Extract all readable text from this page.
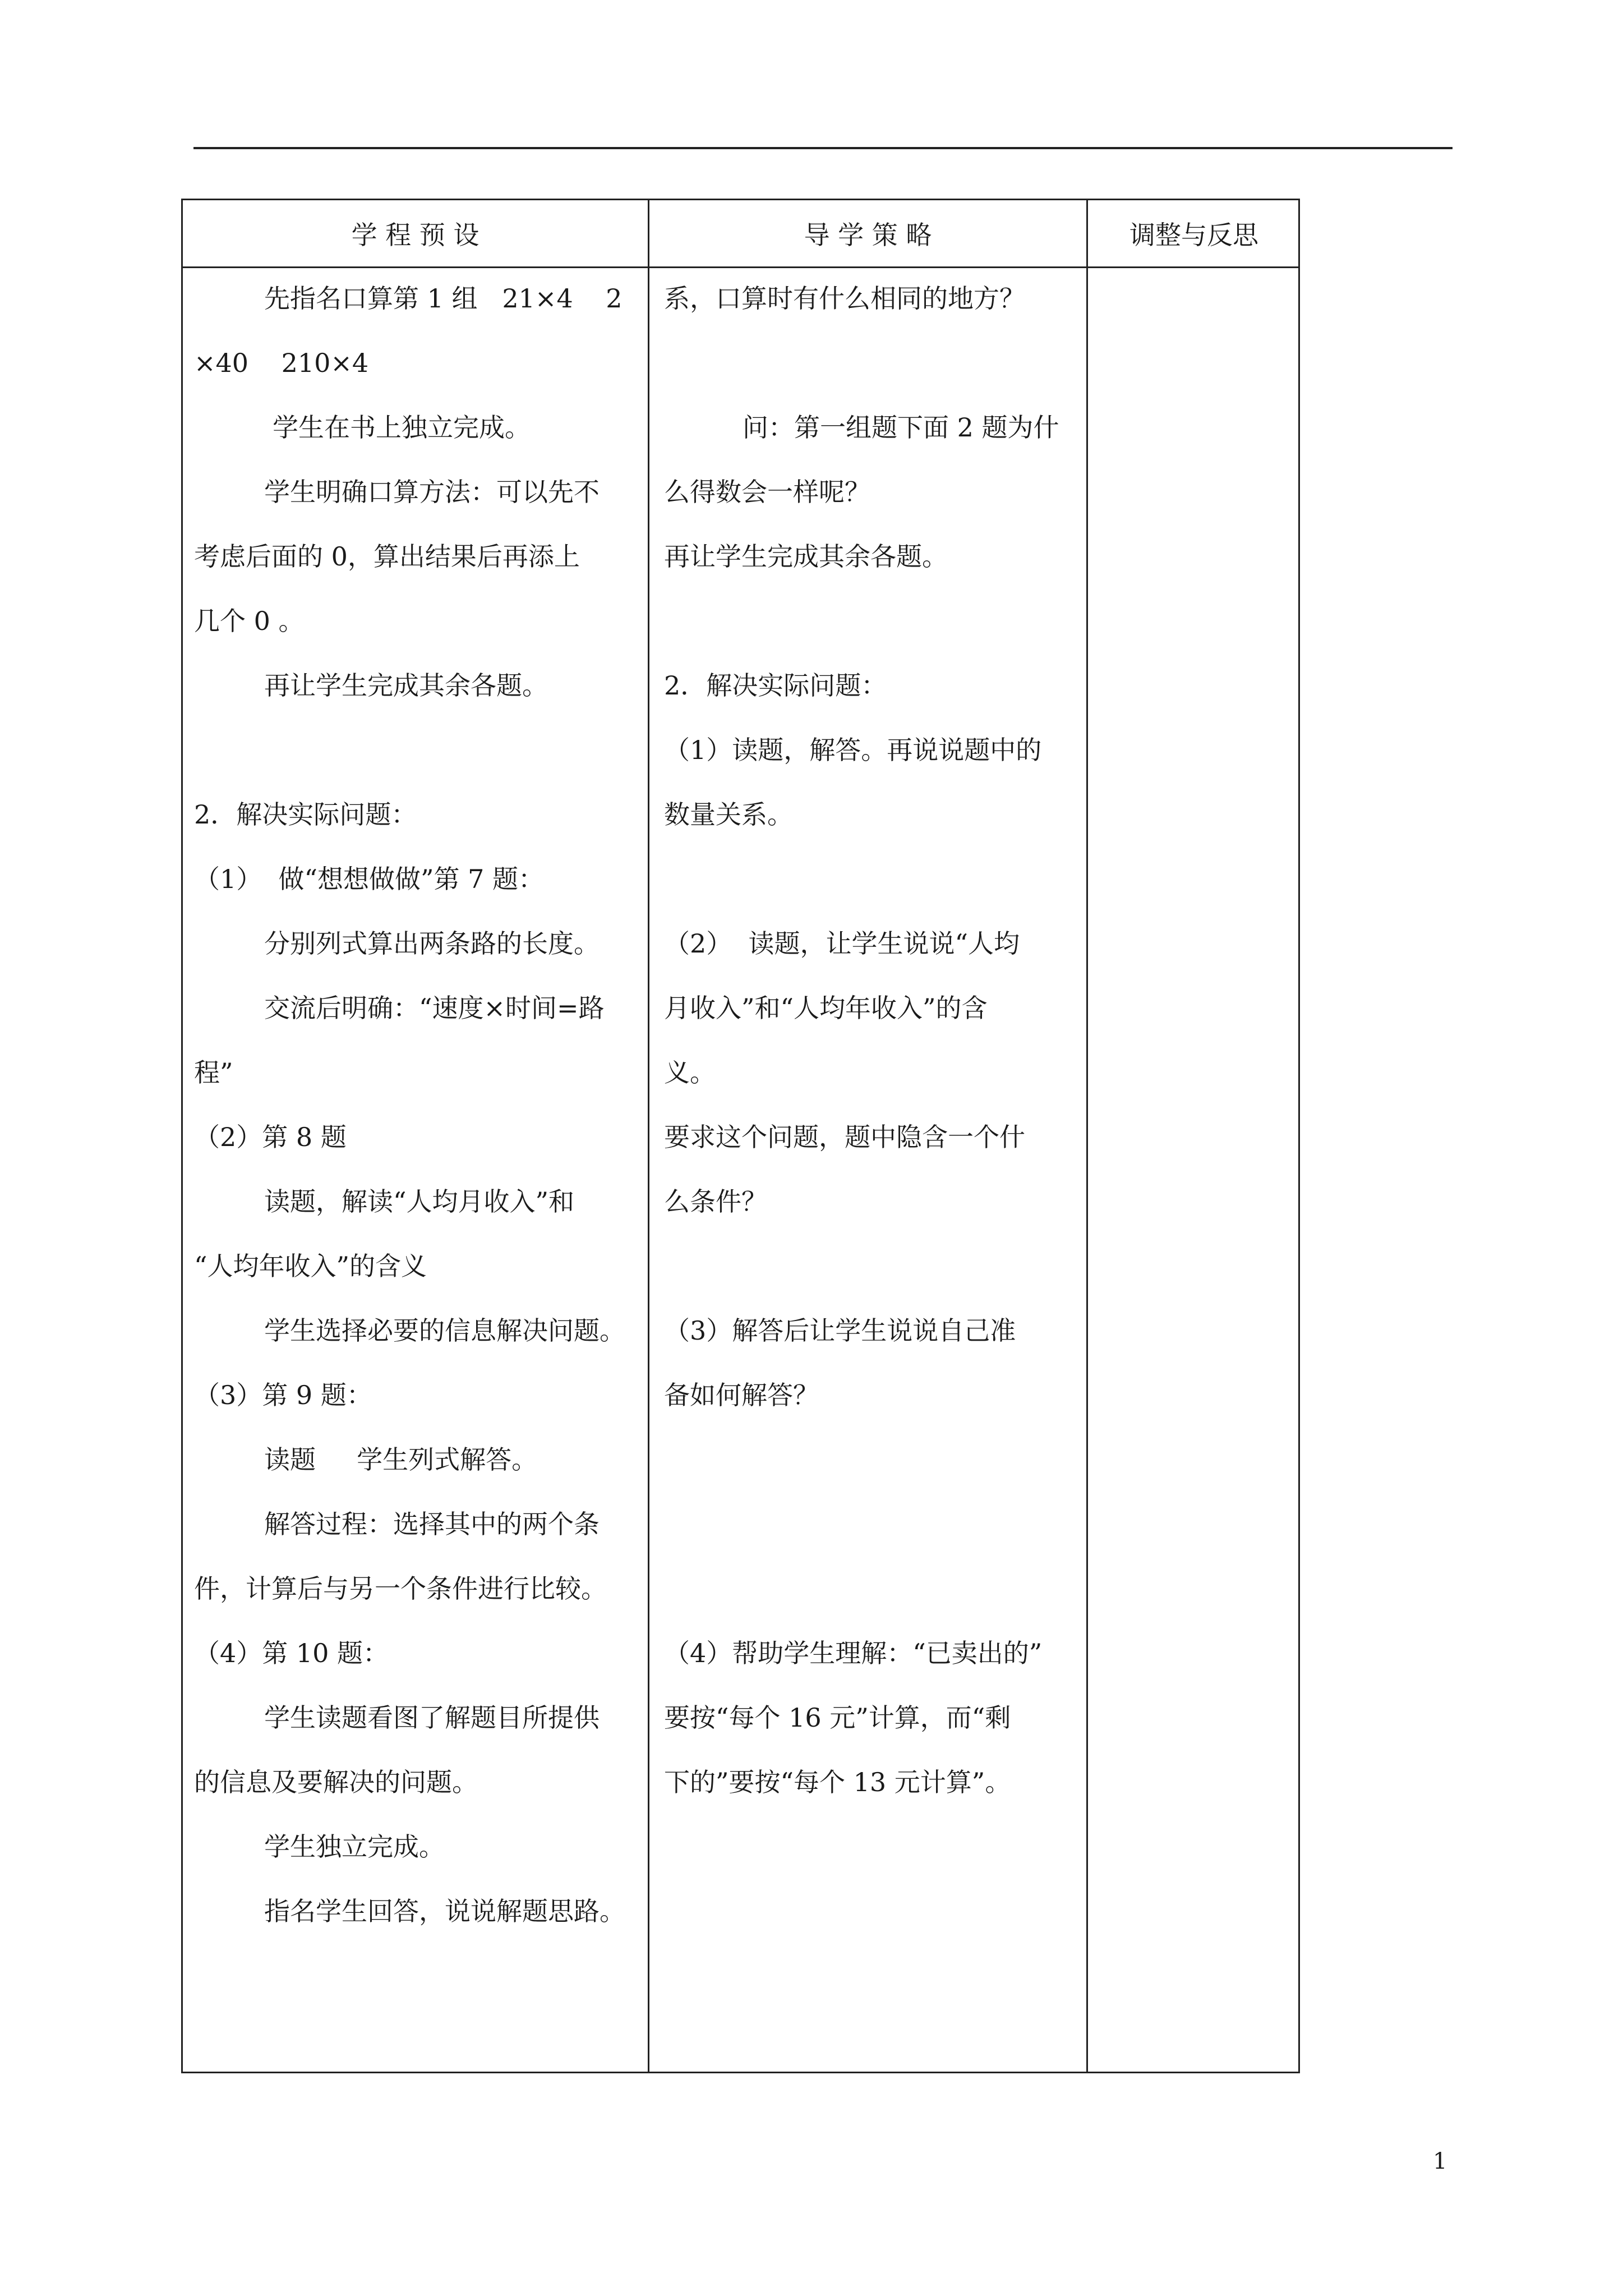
学 程 预 设	导 学 策 略	调整与反思
先指名口算第 1 组   21×4    2
×40    210×4
学生在书上独立完成。
学生明确口算方法：可以先不
考虑后面的 0，算出结果后再添上
几个 0 。
再让学生完成其余各题。
2．解决实际问题：
（1）  做“想想做做”第 7 题：
分别列式算出两条路的长度。
交流后明确：“速度×时间=路
程”
（2）第 8 题
读题，解读“人均月收入”和
“人均年收入”的含义
学生选择必要的信息解决问题。
（3）第 9 题：
读题     学生列式解答。
解答过程：选择其中的两个条
件，计算后与另一个条件进行比较。
（4）第 10 题：
学生读题看图了解题目所提供
的信息及要解决的问题。
学生独立完成。
指名学生回答，说说解题思路。
系，口算时有什么相同的地方？
问：第一组题下面 2 题为什
么得数会一样呢？
再让学生完成其余各题。
2．解决实际问题：
（1）读题，解答。再说说题中的
数量关系。
（2）  读题，让学生说说“人均
月收入”和“人均年收入”的含
义。
要求这个问题，题中隐含一个什
么条件？
（3）解答后让学生说说自己准
备如何解答？
（4）帮助学生理解：“已卖出的”
要按“每个 16 元”计算，而“剩
下的”要按“每个 13 元计算”。
1
